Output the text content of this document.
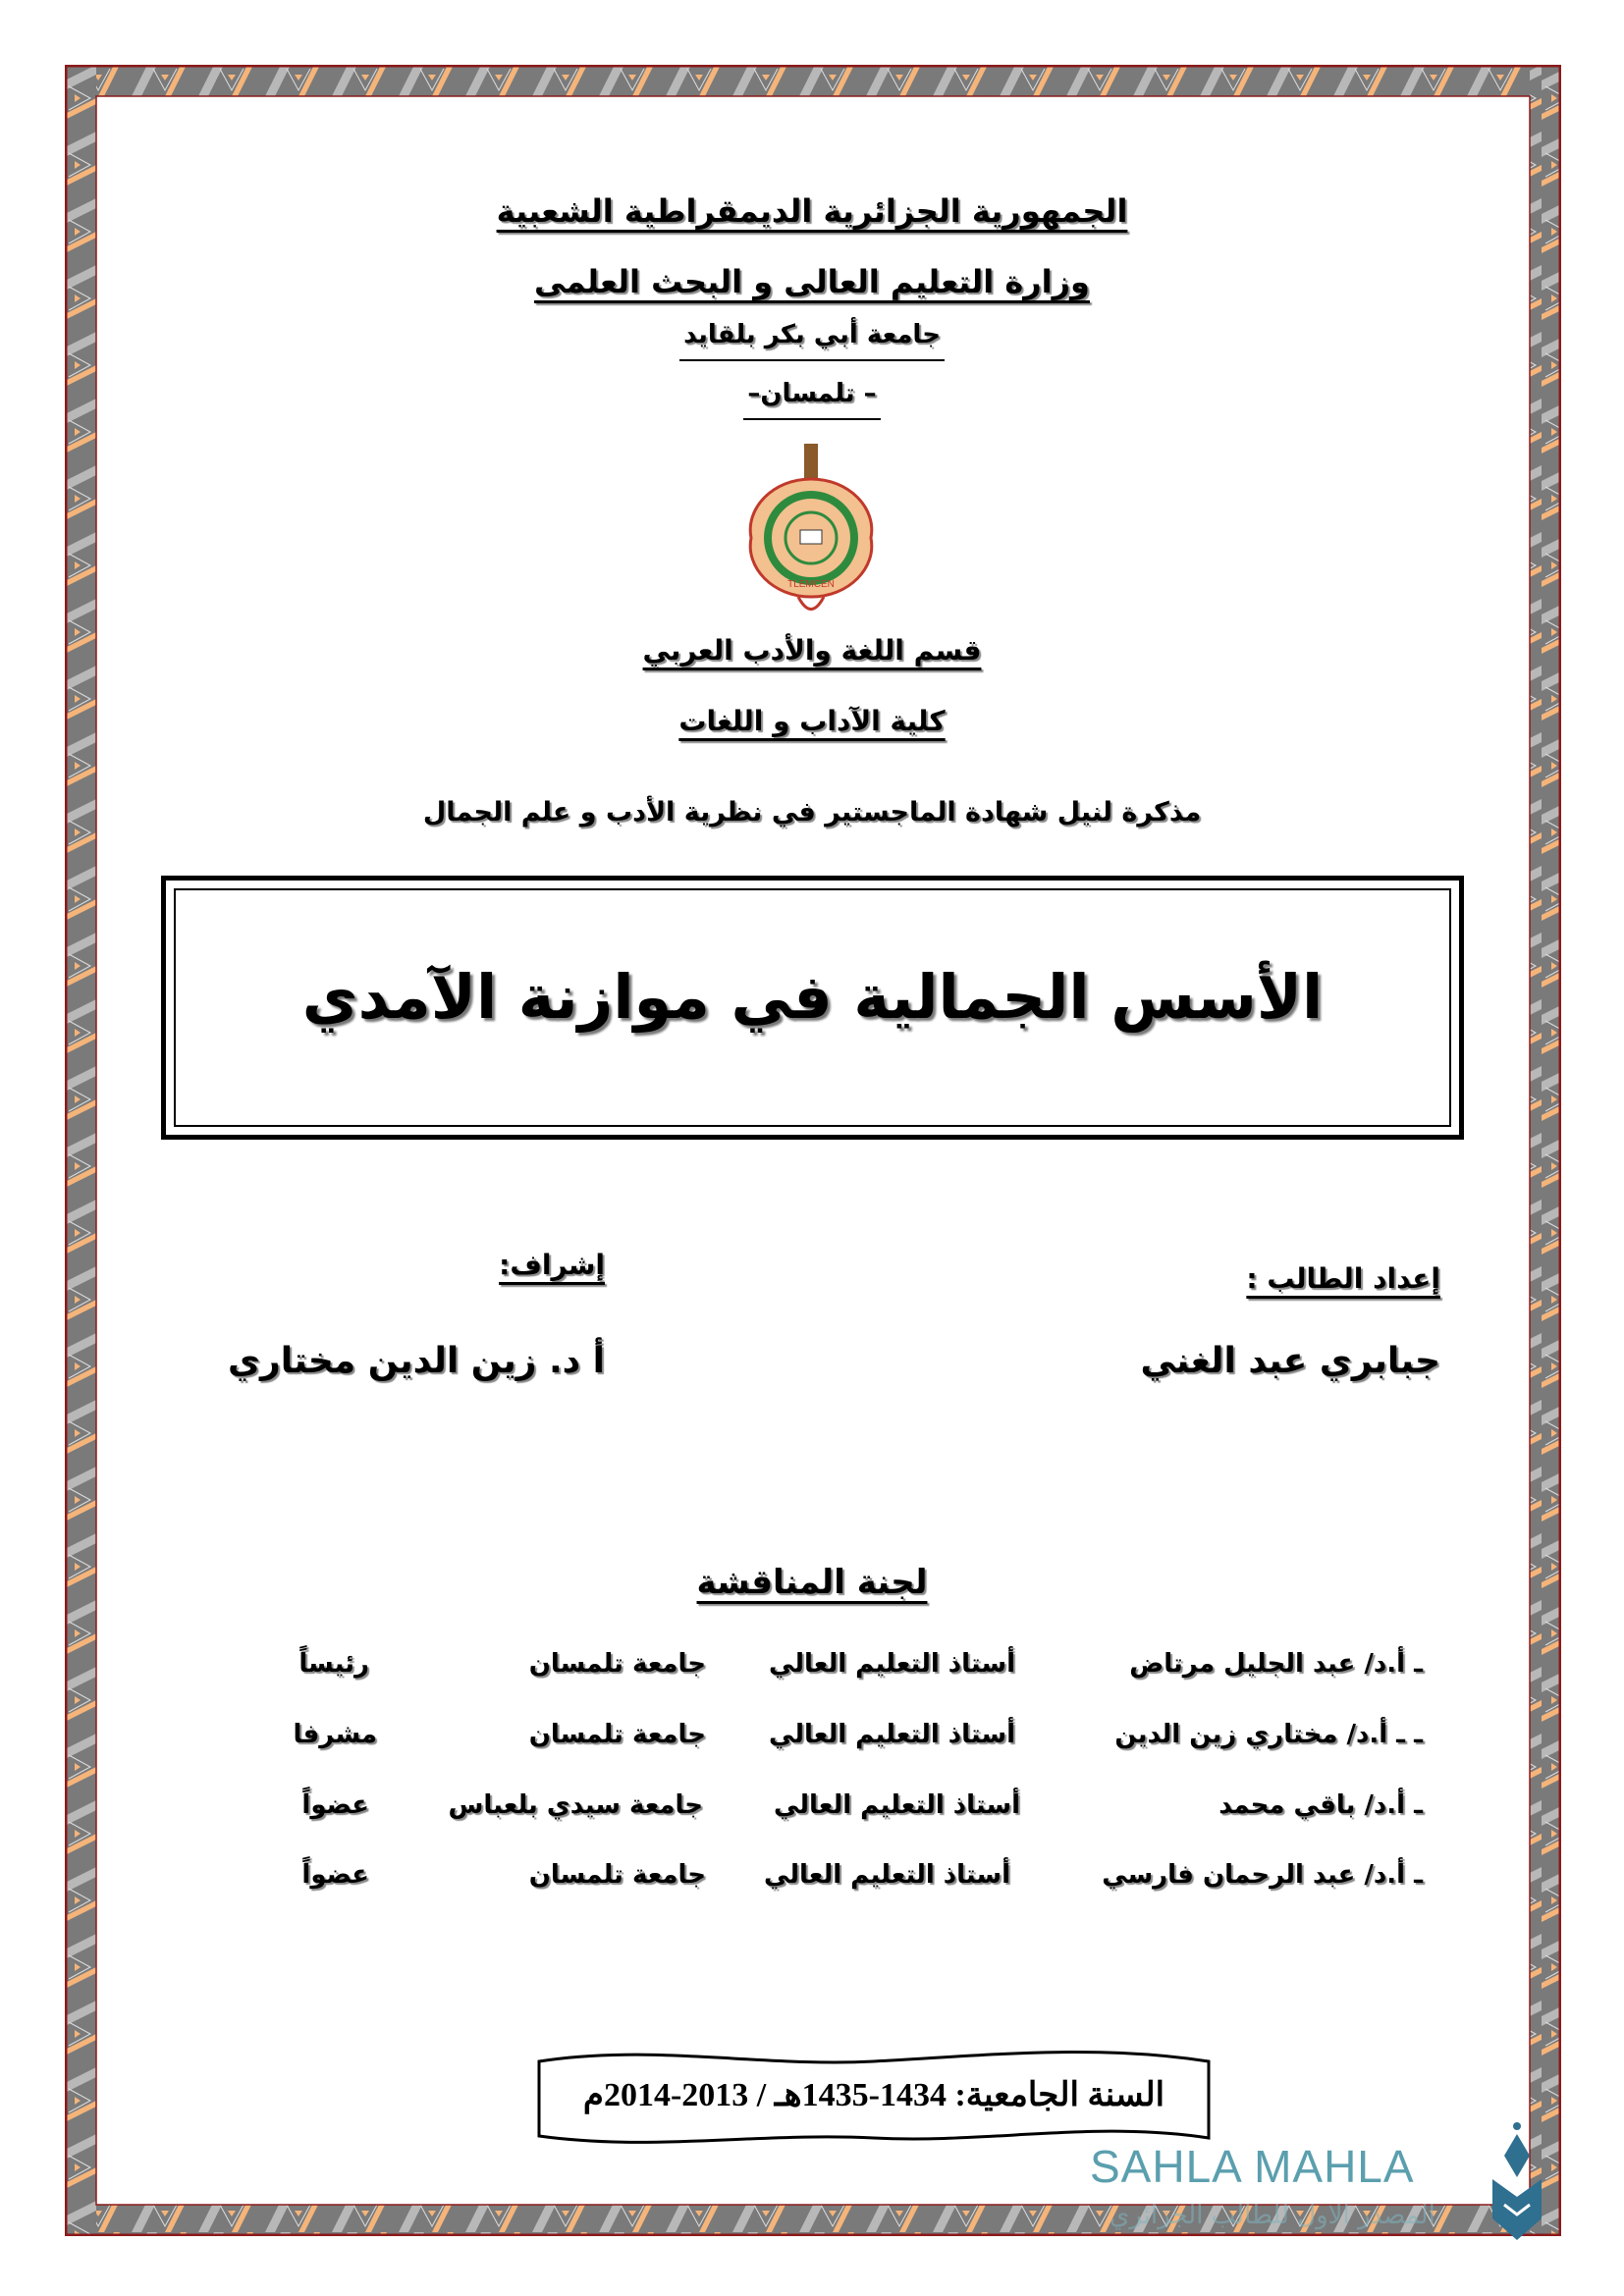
الجمهورية الجزائرية الديمقراطية الشعبية
وزارة التعليم العالى و البحث العلمى
جامعة أبي بكر بلقايد
– تلمسان–
TLEMCEN
قسم اللغة والأدب العربي
كلية الآداب و اللغات
مذكرة لنيل شهادة الماجستير في نظرية الأدب و علم الجمال
الأسس الجمالية في موازنة الآمدي
إعداد الطالب :
جبابري عبد الغني
إشراف:
أ د. زين الدين مختاري
لجنة المناقشة
ـ أ.د/ عبد الجليل مرتاض
أستاذ التعليم العالي
جامعة تلمسان
رئيساً
ـ ـ أ.د/ مختاري زين الدين
أستاذ التعليم العالي
جامعة تلمسان
مشرفا
ـ أ.د/ باقي محمد
أستاذ التعليم العالي
جامعة سيدي بلعباس
عضواً
ـ أ.د/ عبد الرحمان فارسي
أستاذ التعليم العالي
جامعة تلمسان
عضواً
السنة الجامعية: 1434-1435هـ / 2013-2014م
SAHLA MAHLA
المصدر الاول للطالب الجزائري
